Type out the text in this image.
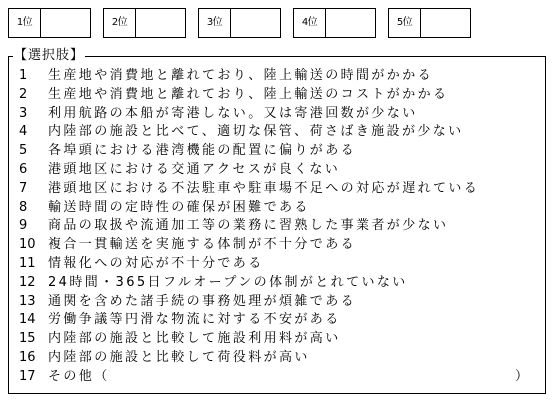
1位	2位	3位	4位	5位
【選択肢】
1	生産地や消費地と離れており、陸上輸送の時間がかかる
2	生産地や消費地と離れており、陸上輸送のコストがかかる
3	利用航路の本船が寄港しない。又は寄港回数が少ない
4	内陸部の施設と比べて、適切な保管、荷さばき施設が少ない
5	各埠頭における港湾機能の配置に偏りがある
6	港頭地区における交通アクセスが良くない
7	港頭地区における不法駐車や駐車場不足への対応が遅れている
8	輸送時間の定時性の確保が困難である
9	商品の取扱や流通加工等の業務に習熟した事業者が少ない
10 複合一貫輸送を実施する体制が不十分である
11 情報化への対応が不十分である
12 24時間・365日フルオープンの体制がとれていない
13 通関を含めた諸手続の事務処理が煩雑である
14 労働争議等円滑な物流に対する不安がある
15 内陸部の施設と比較して施設利用料が高い
16 内陸部の施設と比較して荷役料が高い
17 その他（	）
